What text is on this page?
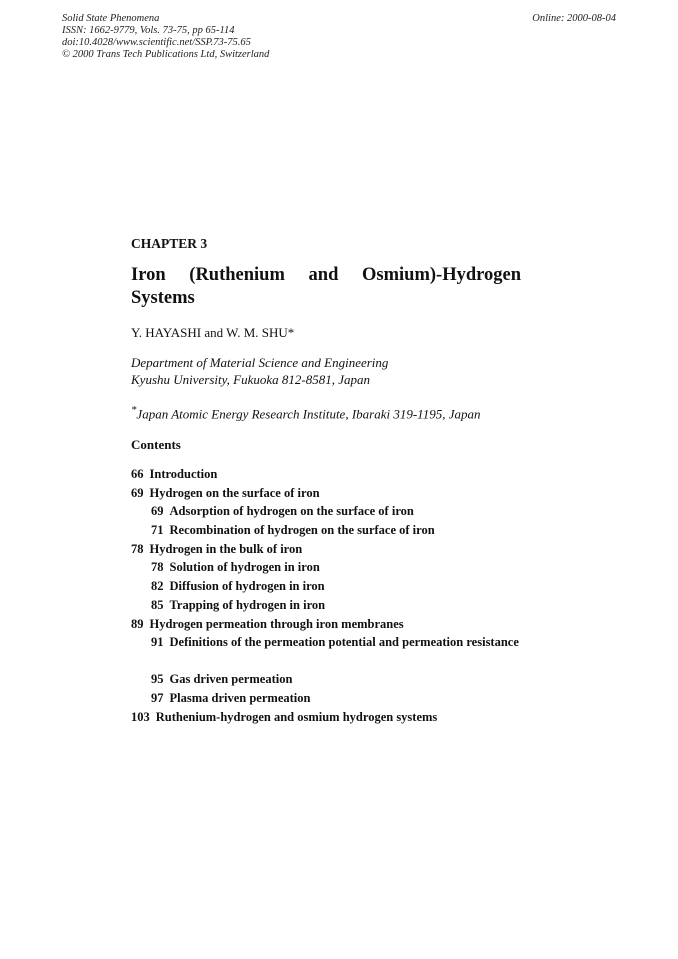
Solid State Phenomena
ISSN: 1662-9779, Vols. 73-75, pp 65-114
doi:10.4028/www.scientific.net/SSP.73-75.65
© 2000 Trans Tech Publications Ltd, Switzerland
Online: 2000-08-04
CHAPTER 3
Iron (Ruthenium and Osmium)-Hydrogen
Systems
Y. HAYASHI and W. M. SHU*
Department of Material Science and Engineering
Kyushu University, Fukuoka 812-8581, Japan
*Japan Atomic Energy Research Institute, Ibaraki 319-1195, Japan
Contents
66 Introduction
69 Hydrogen on the surface of iron
69 Adsorption of hydrogen on the surface of iron
71 Recombination of hydrogen on the surface of iron
78 Hydrogen in the bulk of iron
78 Solution of hydrogen in iron
82 Diffusion of hydrogen in iron
85 Trapping of hydrogen in iron
89 Hydrogen permeation through iron membranes
91 Definitions of the permeation potential and permeation resistance
95 Gas driven permeation
97 Plasma driven permeation
103 Ruthenium-hydrogen and osmium hydrogen systems
